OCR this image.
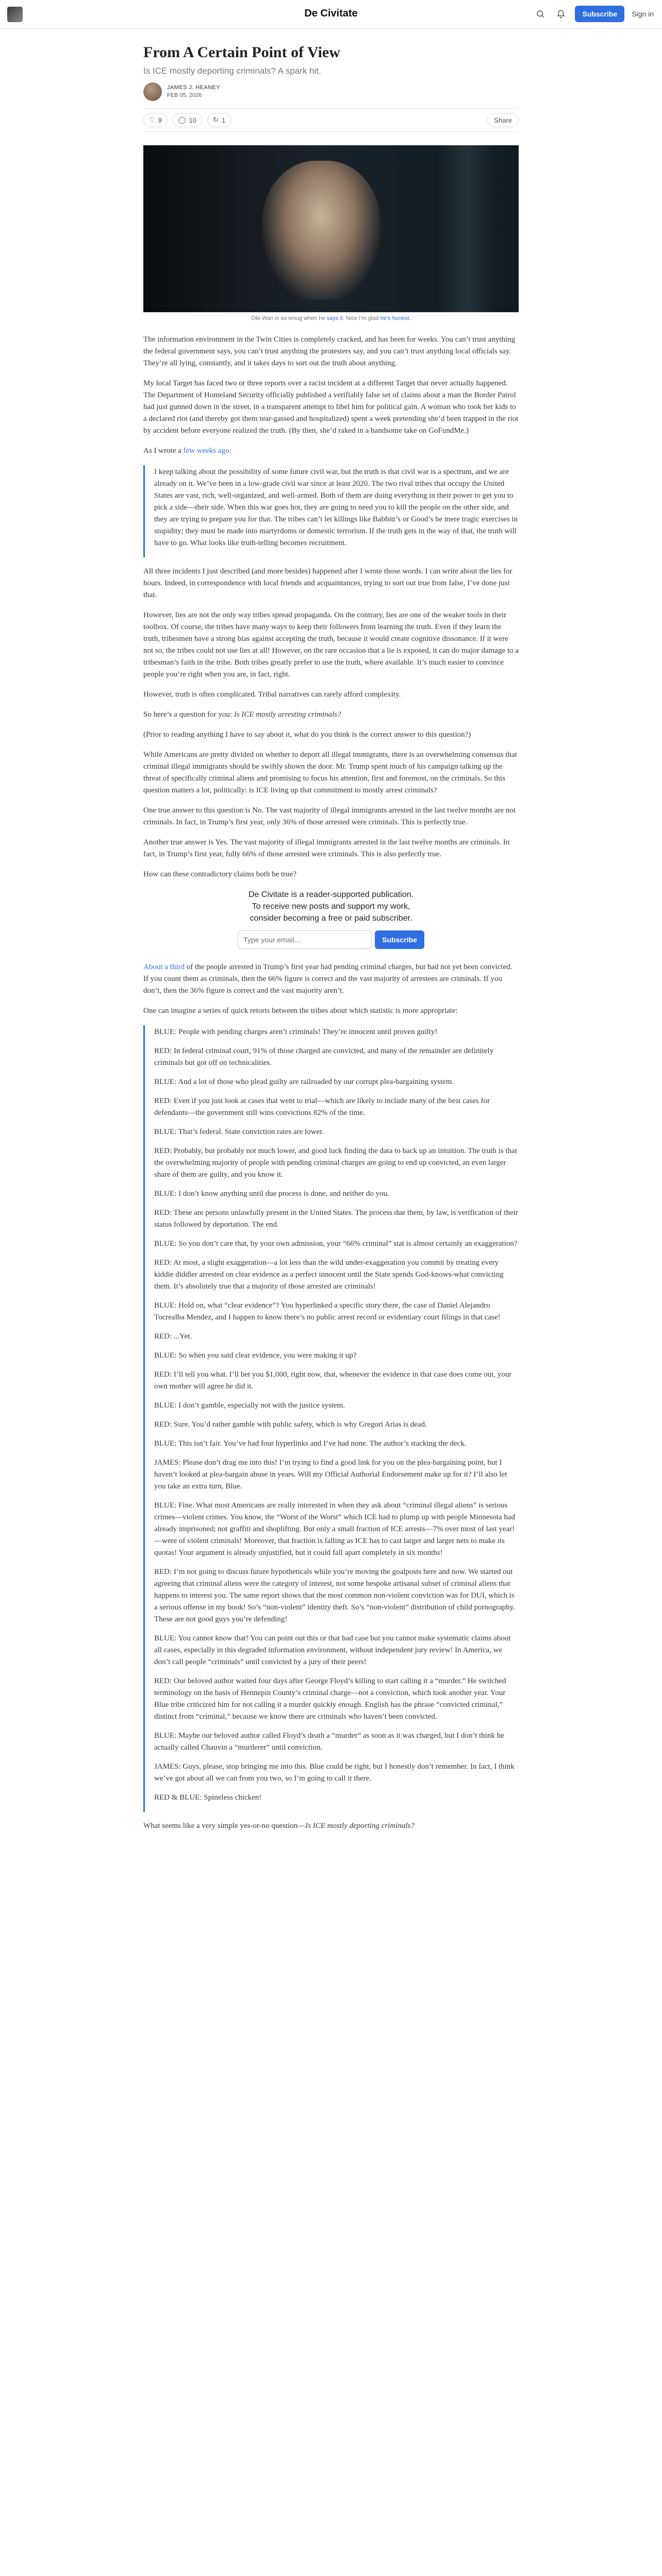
De Civitate	Subscribe	Sign in
From A Certain Point of View

Is ICE mostly deporting criminals? A spark hit.

JAMES J. HEANEY
FEB 05, 2026
♡ 9 ◯ 10 ↻ 1	Share
Obi-Wan is so smug when he says it. Nice I’m glad he’s honest.

The information environment in the Twin Cities is completely cracked, and has been for weeks. You can’t trust anything the federal government says, you can’t trust anything the protesters say, and you can’t trust anything local officials say. They’re all lying, constantly, and it takes days to sort out the truth about anything.

My local Target has faced two or three reports over a racist incident at a different Target that never actually happened. The Department of Homeland Security officially published a verifiably false set of claims about a man the Border Patrol had just gunned down in the street, in a transparent attempt to libel him for political gain. A woman who took her kids to a declared riot (and thereby got them tear-gassed and hospitalized) spent a week pretending she’d been trapped in the riot by accident before everyone realized the truth. (By then, she’d raked in a handsome take on GoFundMe.)

As I wrote a few weeks ago:

I keep talking about the possibility of some future civil war, but the truth is that civil war is a spectrum, and we are already on it. We’ve been in a low-grade civil war since at least 2020. The two rival tribes that occupy the United States are vast, rich, well-organized, and well-armed. Both of them are doing everything in their power to get you to pick a side—their side. When this war goes hot, they are going to need you to kill the people on the other side, and they are trying to prepare you for that. The tribes can’t let killings like Babbitt’s or Good’s be mere tragic exercises in stupidity; they must be made into martyrdoms or domestic terrorism. If the truth gets in the way of that, the truth will have to go. What looks like truth-telling becomes recruitment.

All three incidents I just described (and more besides) happened after I wrote those words. I can write about the lies for hours. Indeed, in correspondence with local friends and acquaintances, trying to sort out true from false, I’ve done just that.

However, lies are not the only way tribes spread propaganda. On the contrary, lies are one of the weaker tools in their toolbox. Of course, the tribes have many ways to keep their followers from learning the truth. Even if they learn the truth, tribesmen have a strong bias against accepting the truth, because it would create cognitive dissonance. If it were not so, the tribes could not use lies at all! However, on the rare occasion that a lie is exposed, it can do major damage to a tribesman’s faith in the tribe. Both tribes greatly prefer to use the truth, where available. It’s much easier to convince people you’re right when you are, in fact, right.

However, truth is often complicated. Tribal narratives can rarely afford complexity.

So here’s a question for you: Is ICE mostly arresting criminals?

(Prior to reading anything I have to say about it, what do you think is the correct answer to this question?)

While Americans are pretty divided on whether to deport all illegal immigrants, there is an overwhelming consensus that criminal illegal immigrants should be swiftly shown the door. Mr. Trump spent much of his campaign talking up the threat of specifically criminal aliens and promising to focus his attention, first and foremost, on the criminals. So this question matters a lot, politically: is ICE living up that commitment to mostly arrest criminals?

One true answer to this question is No. The vast majority of illegal immigrants arrested in the last twelve months are not criminals. In fact, in Trump’s first year, only 36% of those arrested were criminals. This is perfectly true.

Another true answer is Yes. The vast majority of illegal immigrants arrested in the last twelve months are criminals. In fact, in Trump’s first year, fully 66% of those arrested were criminals. This is also perfectly true.

How can these contradictory claims both be true?

De Civitate is a reader-supported publication. To receive new posts and support my work, consider becoming a free or paid subscriber.
Type your email...
Subscribe

About a third of the people arrested in Trump’s first year had pending criminal charges, but had not yet been convicted. If you count them as criminals, then the 66% figure is correct and the vast majority of arrestees are criminals. If you don’t, then the 36% figure is correct and the vast majority aren’t.

One can imagine a series of quick retorts between the tribes about which statistic is more appropriate:

BLUE: People with pending charges aren’t criminals! They’re innocent until proven guilty!

RED: In federal criminal court, 91% of those charged are convicted, and many of the remainder are definitely criminals but got off on technicalities.

BLUE: And a lot of those who plead guilty are railroaded by our corrupt plea-bargaining system.

RED: Even if you just look at cases that went to trial—which are likely to include many of the best cases for defendants—the government still wins convictions 82% of the time.

BLUE: That’s federal. State conviction rates are lower.

RED: Probably, but probably not much lower, and good luck finding the data to back up an intuition. The truth is that the overwhelming majority of people with pending criminal charges are going to end up convicted, an even larger share of them are guilty, and you know it.

BLUE: I don’t know anything until due process is done, and neither do you.

RED: These are persons unlawfully present in the United States. The process due them, by law, is verification of their status followed by deportation. The end.

BLUE: So you don’t care that, by your own admission, your “66% criminal” stat is almost certainly an exaggeration?

RED: At most, a slight exaggeration—a lot less than the wild under-exaggeration you commit by treating every kiddie diddler arrested on clear evidence as a perfect innocent until the State spends God-knows-what convicting them. It’s absolutely true that a majority of those arrested are criminals!

BLUE: Hold on, what “clear evidence”? You hyperlinked a specific story there, the case of Daniel Alejandro Tocrealba Mendez, and I happen to know there’s no public arrest record or evidentiary court filings in that case!

RED: ...Yet.

BLUE: So when you said clear evidence, you were making it up?

RED: I’ll tell you what. I’ll bet you $1,000, right now, that, whenever the evidence in that case does come out, your own mother will agree he did it.

BLUE: I don’t gamble, especially not with the justice system.

RED: Sure. You’d rather gamble with public safety, which is why Gregori Arias is dead.

BLUE: This isn’t fair. You’ve had four hyperlinks and I’ve had none. The author’s stacking the deck.

JAMES: Please don’t drag me into this! I’m trying to find a good link for you on the plea-bargaining point, but I haven’t looked at plea-bargain abuse in years. Will my Official Authorial Endorsement make up for it? I’ll also let you take an extra turn, Blue.

BLUE: Fine. What most Americans are really interested in when they ask about “criminal illegal aliens” is serious crimes—violent crimes. You know, the “Worst of the Worst” which ICE had to plump up with people Minnesota had already imprisoned; not graffiti and shoplifting. But only a small fraction of ICE arrests—7% over most of last year!—were of violent criminals! Moreover, that fraction is falling as ICE has to cast larger and larger nets to make its quotas! Your argument is already unjustified, but it could fall apart completely in six months!

RED: I’m not going to discuss future hypotheticals while you’re moving the goalposts here and now. We started out agreeing that criminal aliens were the category of interest, not some bespoke artisanal subset of criminal aliens that happens to interest you. The same report shows that the most common non-violent conviction was for DUI, which is a serious offense in my book! So’s “non-violent” identity theft. So’s “non-violent” distribution of child pornography. These are not good guys you’re defending!

BLUE: You cannot know that! You can point out this or that bad case but you cannot make systematic claims about all cases, especially in this degraded information environment, without independent jury review! In America, we don’t call people “criminals” until convicted by a jury of their peers!

RED: Our beloved author waited four days after George Floyd’s killing to start calling it a “murder.” He switched terminology on the basis of Hennepin County’s criminal charge—not a conviction, which took another year. Your Blue tribe criticized him for not calling it a murder quickly enough. English has the phrase “convicted criminal,” distinct from “criminal,” because we know there are criminals who haven’t been convicted.

BLUE: Maybe our beloved author called Floyd’s death a “murder” as soon as it was charged, but I don’t think he actually called Chauvin a “murderer” until conviction.

JAMES: Guys, please, stop bringing me into this. Blue could be right, but I honestly don’t remember. In fact, I think we’ve got about all we can from you two, so I’m going to call it there.

RED & BLUE: Spineless chicken!

What seems like a very simple yes-or-no question—Is ICE mostly deporting criminals?
